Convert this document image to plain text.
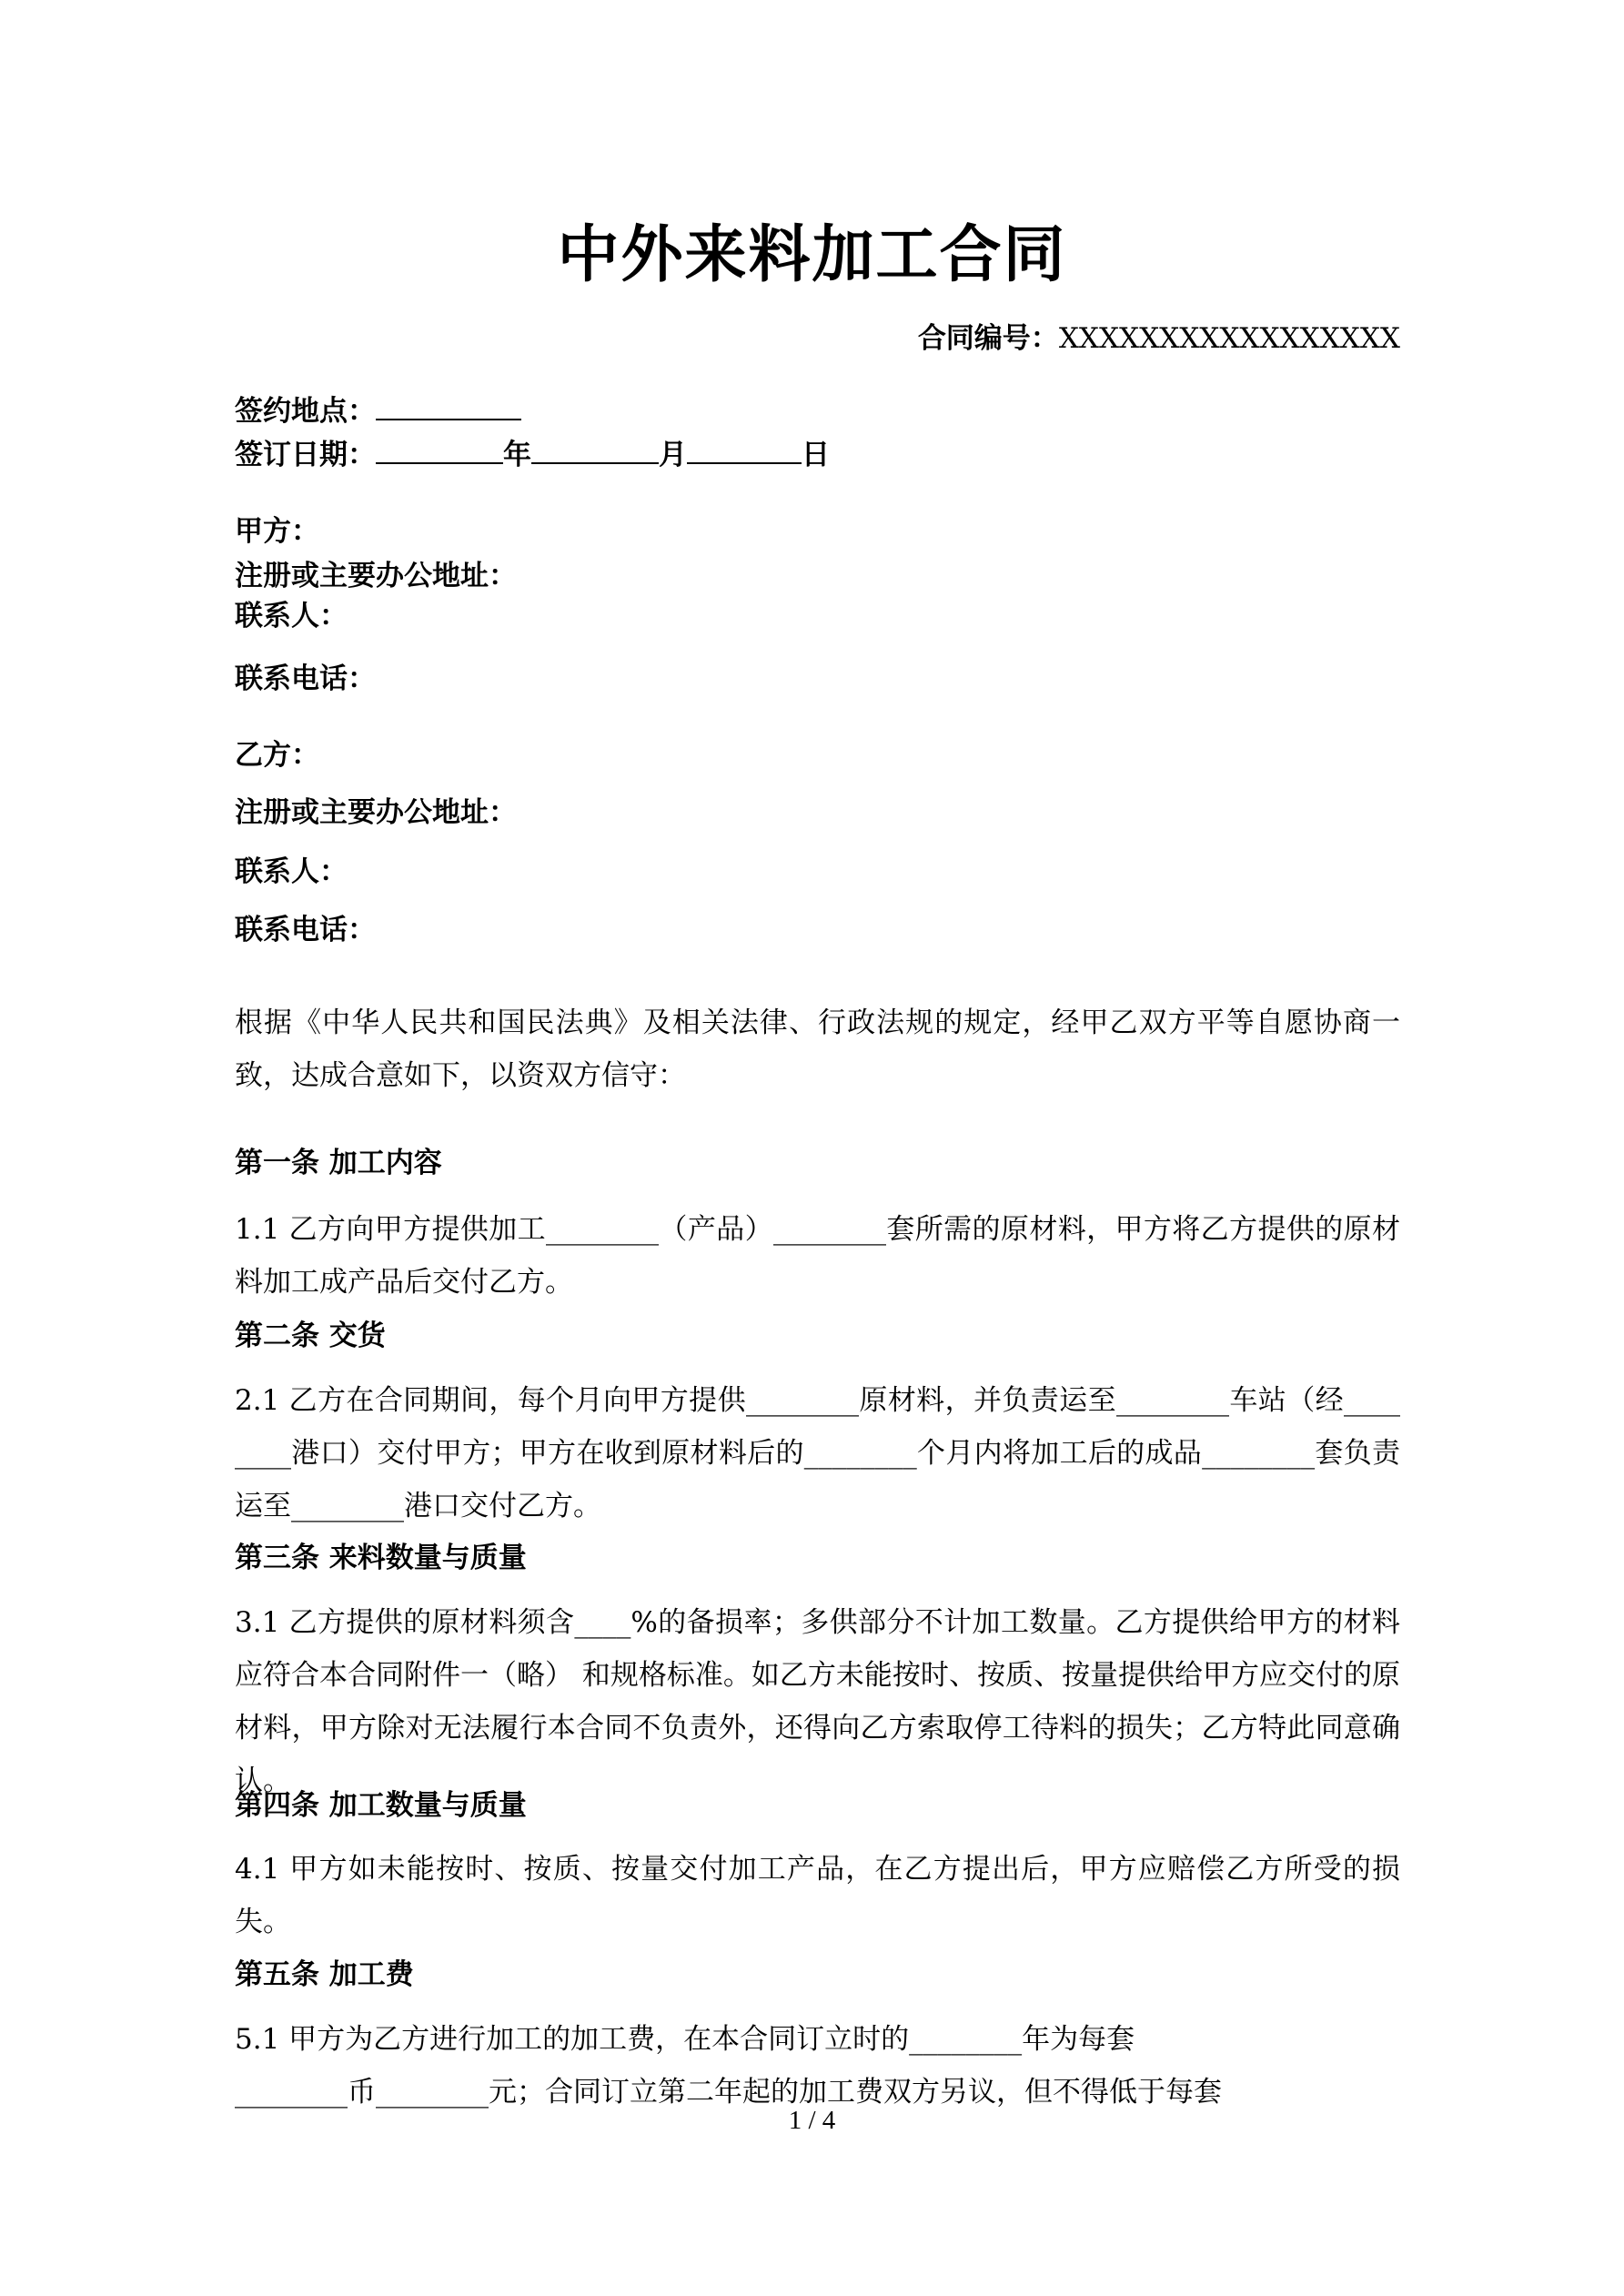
中外来料加工合同
合同编号：XXXXXXXXXXXXXXXXX
签约地点：
签订日期：	年	月	日
甲方：
注册或主要办公地址：
联系人：
联系电话：
乙方：
注册或主要办公地址：
联系人：
联系电话：
根据《中华人民共和国民法典》及相关法律、行政法规的规定，经甲乙双方平等自愿协商一致，达成合意如下，以资双方信守：
第一条 加工内容
1.1 乙方向甲方提供加工________（产品）________套所需的原材料，甲方将乙方提供的原材料加工成产品后交付乙方。
第二条 交货
2.1 乙方在合同期间，每个月向甲方提供________原材料，并负责运至________车站（经________港口）交付甲方；甲方在收到原材料后的________个月内将加工后的成品________套负责运至________港口交付乙方。
第三条 来料数量与质量
3.1 乙方提供的原材料须含____%的备损率；多供部分不计加工数量。乙方提供给甲方的材料应符合本合同附件一（略） 和规格标准。如乙方未能按时、按质、按量提供给甲方应交付的原材料，甲方除对无法履行本合同不负责外，还得向乙方索取停工待料的损失；乙方特此同意确认。
第四条 加工数量与质量
4.1 甲方如未能按时、按质、按量交付加工产品，在乙方提出后，甲方应赔偿乙方所受的损失。
第五条 加工费
5.1 甲方为乙方进行加工的加工费，在本合同订立时的________年为每套
________币________元；合同订立第二年起的加工费双方另议，但不得低于每套
1 / 4
